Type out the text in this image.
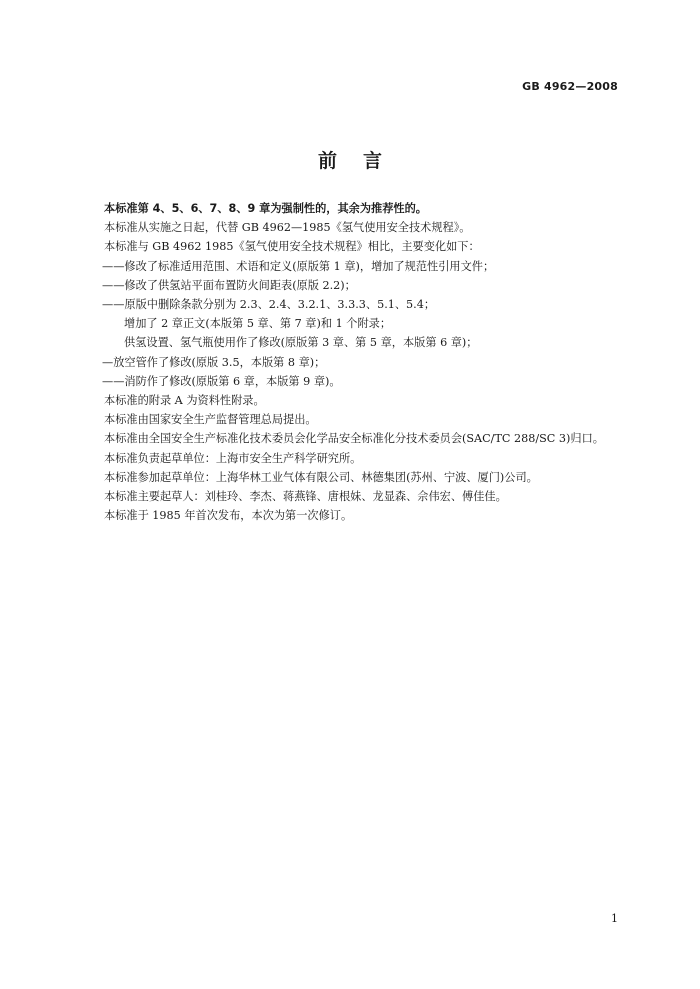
GB 4962—2008
前言

本标准第 4、5、6、7、8、9 章为强制性的，其余为推荐性的。

本标准从实施之日起，代替 GB 4962—1985《氢气使用安全技术规程》。

本标准与 GB 4962 1985《氢气使用安全技术规程》相比，主要变化如下：

——修改了标准适用范围、术语和定义(原版第 1 章)，增加了规范性引用文件；

——修改了供氢站平面布置防火间距表(原版 2.2)；

——原版中删除条款分别为 2.3、2.4、3.2.1、3.3.3、5.1、5.4；

增加了 2 章正文(本版第 5 章、第 7 章)和 1 个附录；

供氢设置、氢气瓶使用作了修改(原版第 3 章、第 5 章，本版第 6 章)；

—放空管作了修改(原版 3.5，本版第 8 章)；

——消防作了修改(原版第 6 章，本版第 9 章)。

本标准的附录 A 为资料性附录。

本标准由国家安全生产监督管理总局提出。

本标准由全国安全生产标准化技术委员会化学品安全标准化分技术委员会(SAC/TC 288/SC 3)归口。

本标准负责起草单位：上海市安全生产科学研究所。

本标准参加起草单位：上海华林工业气体有限公司、林德集团(苏州、宁波、厦门)公司。

本标准主要起草人：刘桂玲、李杰、蒋燕锋、唐根妹、龙显森、佘伟宏、傅佳佳。

本标准于 1985 年首次发布，本次为第一次修订。

1
